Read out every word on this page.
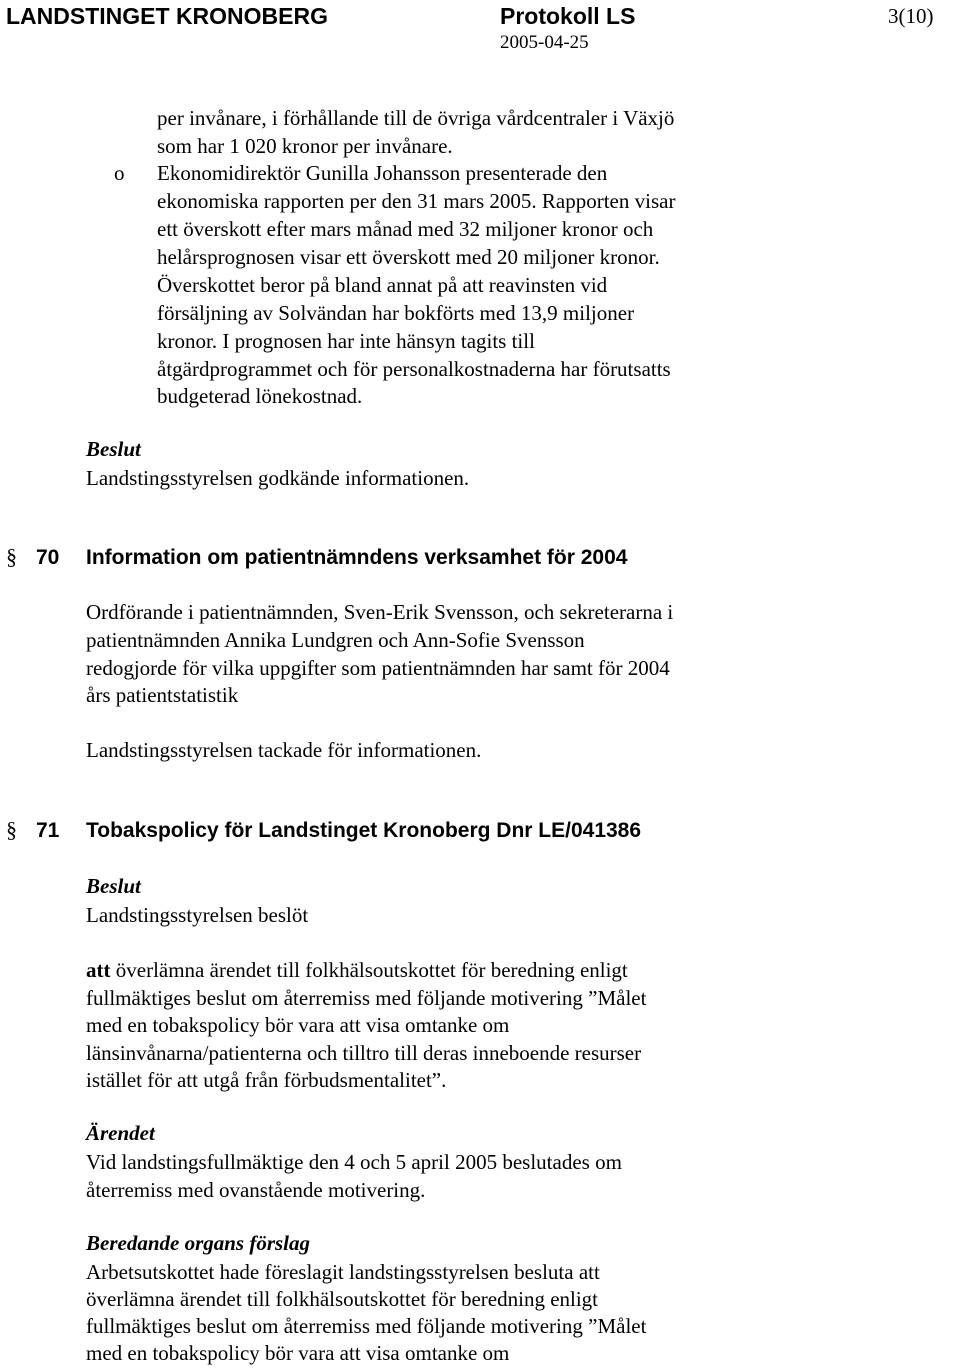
LANDSTINGET KRONOBERG	Protokoll LS
2005-04-25
3(10)
per invånare, i förhållande till de övriga vårdcentraler i Växjö
som har 1 020 kronor per invånare.
o Ekonomidirektör Gunilla Johansson presenterade den
ekonomiska rapporten per den 31 mars 2005. Rapporten visar
ett överskott efter mars månad med 32 miljoner kronor och
helårsprognosen visar ett överskott med 20 miljoner kronor.
Överskottet beror på bland annat på att reavinsten vid
försäljning av Solvändan har bokförts med 13,9 miljoner
kronor. I prognosen har inte hänsyn tagits till
åtgärdprogrammet och för personalkostnaderna har förutsatts
budgeterad lönekostnad.
Beslut
Landstingsstyrelsen godkände informationen.
§ 70 Information om patientnämndens verksamhet för 2004
Ordförande i patientnämnden, Sven-Erik Svensson, och sekreterarna i
patientnämnden Annika Lundgren och Ann-Sofie Svensson
redogjorde för vilka uppgifter som patientnämnden har samt för 2004
års patientstatistik
Landstingsstyrelsen tackade för informationen.
§ 71 Tobakspolicy för Landstinget Kronoberg Dnr LE/041386
Beslut
Landstingsstyrelsen beslöt
att överlämna ärendet till folkhälsoutskottet för beredning enligt
fullmäktiges beslut om återremiss med följande motivering ”Målet
med en tobakspolicy bör vara att visa omtanke om
länsinvånarna/patienterna och tilltro till deras inneboende resurser
istället för att utgå från förbudsmentalitet”.
Ärendet
Vid landstingsfullmäktige den 4 och 5 april 2005 beslutades om
återremiss med ovanstående motivering.
Beredande organs förslag
Arbetsutskottet hade föreslagit landstingsstyrelsen besluta att
överlämna ärendet till folkhälsoutskottet för beredning enligt
fullmäktiges beslut om återremiss med följande motivering ”Målet
med en tobakspolicy bör vara att visa omtanke om
